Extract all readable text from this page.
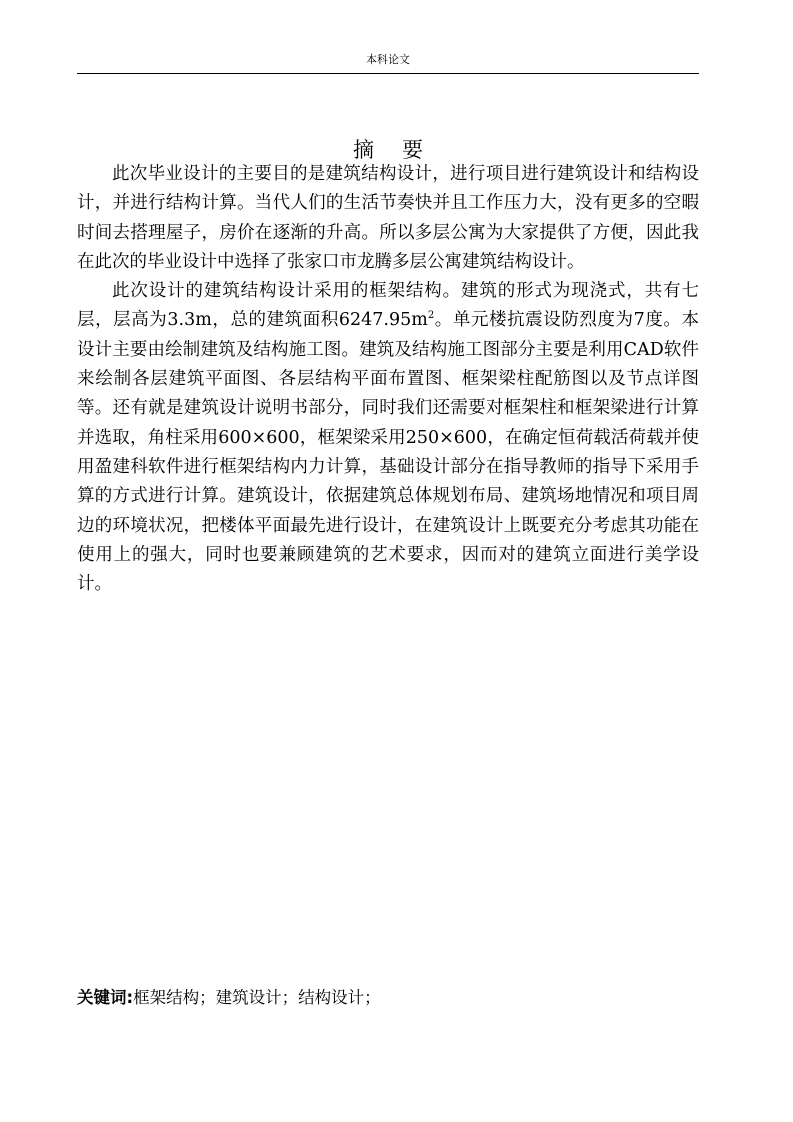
本科论文
摘要

此次毕业设计的主要目的是建筑结构设计，进行项目进行建筑设计和结构设计，并进行结构计算。当代人们的生活节奏快并且工作压力大，没有更多的空暇时间去搭理屋子，房价在逐渐的升高。所以多层公寓为大家提供了方便，因此我在此次的毕业设计中选择了张家口市龙腾多层公寓建筑结构设计。

此次设计的建筑结构设计采用的框架结构。建筑的形式为现浇式，共有七层，层高为3.3m，总的建筑面积$6247.95m^2$。单元楼抗震设防烈度为7度。本设计主要由绘制建筑及结构施工图。建筑及结构施工图部分主要是利用CAD软件来绘制各层建筑平面图、各层结构平面布置图、框架梁柱配筋图以及节点详图等。还有就是建筑设计说明书部分，同时我们还需要对框架柱和框架梁进行计算并选取，角柱采用600×600，框架梁采用250×600，在确定恒荷载活荷载并使用盈建科软件进行框架结构内力计算，基础设计部分在指导教师的指导下采用手算的方式进行计算。建筑设计，依据建筑总体规划布局、建筑场地情况和项目周边的环境状况，把楼体平面最先进行设计，在建筑设计上既要充分考虑其功能在使用上的强大，同时也要兼顾建筑的艺术要求，因而对的建筑立面进行美学设计。

关键词:框架结构；建筑设计；结构设计；
